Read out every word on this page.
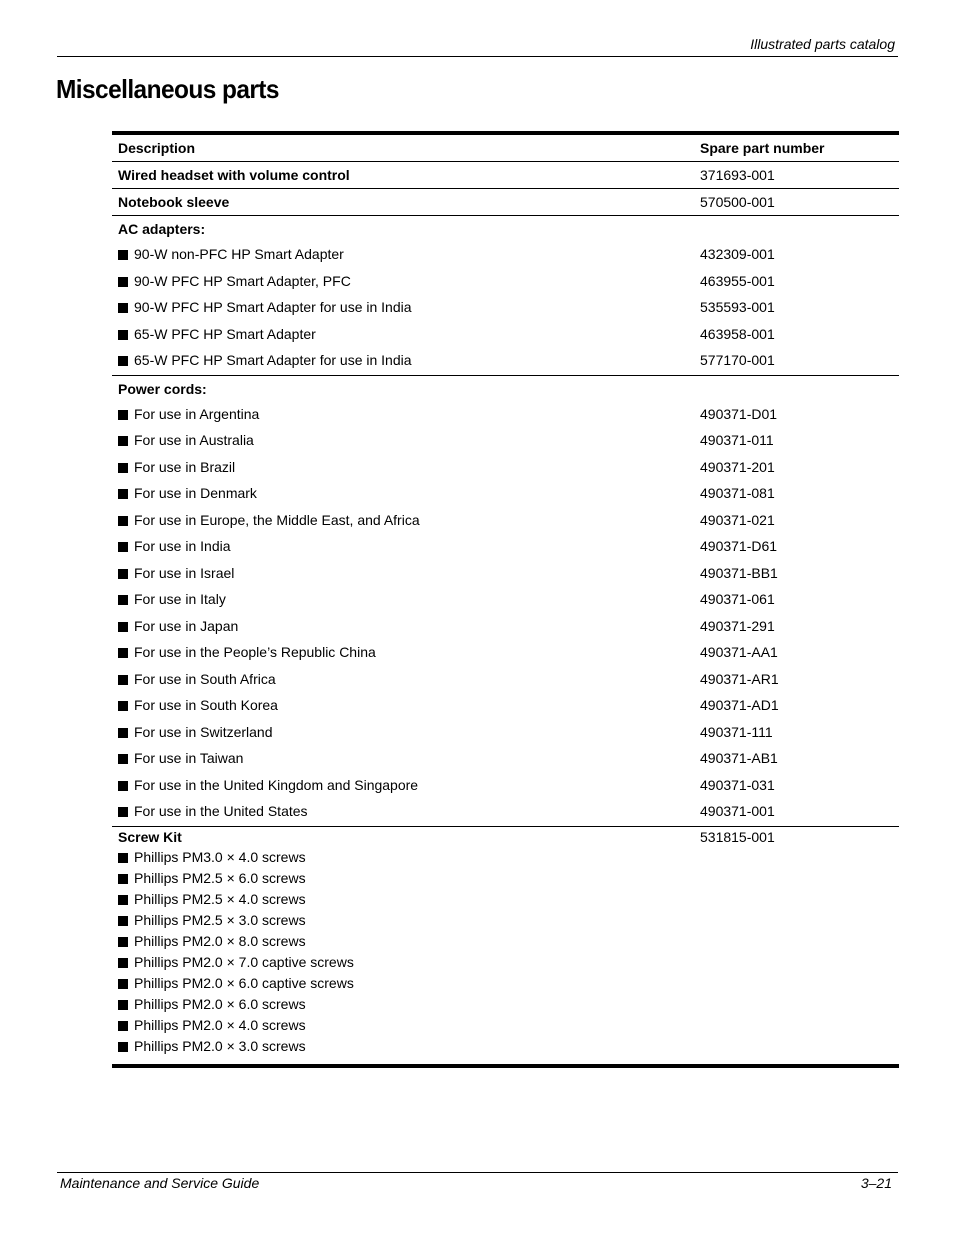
Illustrated parts catalog
Miscellaneous parts
Description	Spare part number
Wired headset with volume control	371693-001
Notebook sleeve	570500-001
AC adapters:
90-W non-PFC HP Smart Adapter	432309-001
90-W PFC HP Smart Adapter, PFC	463955-001
90-W PFC HP Smart Adapter for use in India	535593-001
65-W PFC HP Smart Adapter	463958-001
65-W PFC HP Smart Adapter for use in India	577170-001
Power cords:
For use in Argentina	490371-D01
For use in Australia	490371-011
For use in Brazil	490371-201
For use in Denmark	490371-081
For use in Europe, the Middle East, and Africa	490371-021
For use in India	490371-D61
For use in Israel	490371-BB1
For use in Italy	490371-061
For use in Japan	490371-291
For use in the People’s Republic China	490371-AA1
For use in South Africa	490371-AR1
For use in South Korea	490371-AD1
For use in Switzerland	490371-111
For use in Taiwan	490371-AB1
For use in the United Kingdom and Singapore	490371-031
For use in the United States	490371-001
Screw Kit	531815-001
Phillips PM3.0 × 4.0 screws
Phillips PM2.5 × 6.0 screws
Phillips PM2.5 × 4.0 screws
Phillips PM2.5 × 3.0 screws
Phillips PM2.0 × 8.0 screws
Phillips PM2.0 × 7.0 captive screws
Phillips PM2.0 × 6.0 captive screws
Phillips PM2.0 × 6.0 screws
Phillips PM2.0 × 4.0 screws
Phillips PM2.0 × 3.0 screws
Maintenance and Service Guide	3–21
